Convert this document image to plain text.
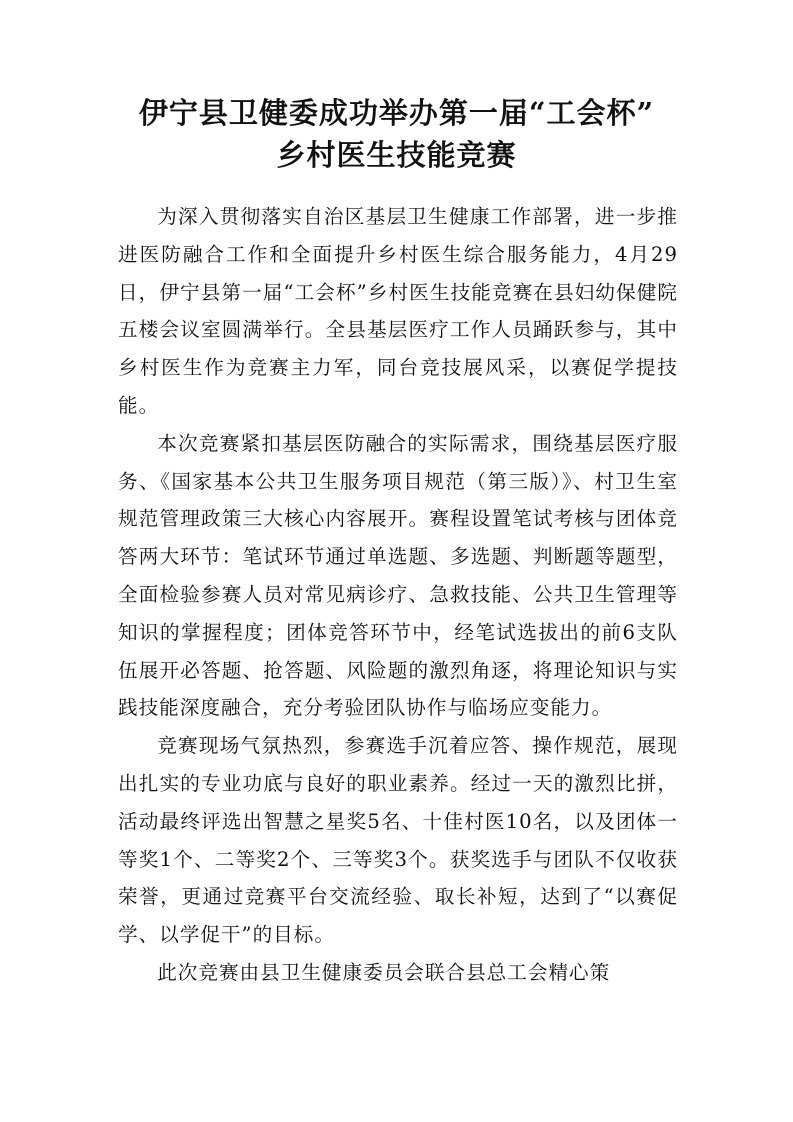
伊宁县卫健委成功举办第一届“工会杯”
乡村医生技能竞赛

为深入贯彻落实自治区基层卫生健康工作部署，进一步推进医防融合工作和全面提升乡村医生综合服务能力，4月29日，伊宁县第一届“工会杯”乡村医生技能竞赛在县妇幼保健院五楼会议室圆满举行。全县基层医疗工作人员踊跃参与，其中乡村医生作为竞赛主力军，同台竞技展风采，以赛促学提技能。

本次竞赛紧扣基层医防融合的实际需求，围绕基层医疗服务、《国家基本公共卫生服务项目规范（第三版）》、村卫生室规范管理政策三大核心内容展开。赛程设置笔试考核与团体竞答两大环节：笔试环节通过单选题、多选题、判断题等题型，全面检验参赛人员对常见病诊疗、急救技能、公共卫生管理等知识的掌握程度；团体竞答环节中，经笔试选拔出的前6支队伍展开必答题、抢答题、风险题的激烈角逐，将理论知识与实践技能深度融合，充分考验团队协作与临场应变能力。

竞赛现场气氛热烈，参赛选手沉着应答、操作规范，展现出扎实的专业功底与良好的职业素养。经过一天的激烈比拼，活动最终评选出智慧之星奖5名、十佳村医10名，以及团体一等奖1个、二等奖2个、三等奖3个。获奖选手与团队不仅收获荣誉，更通过竞赛平台交流经验、取长补短，达到了“以赛促学、以学促干”的目标。

此次竞赛由县卫生健康委员会联合县总工会精心策
